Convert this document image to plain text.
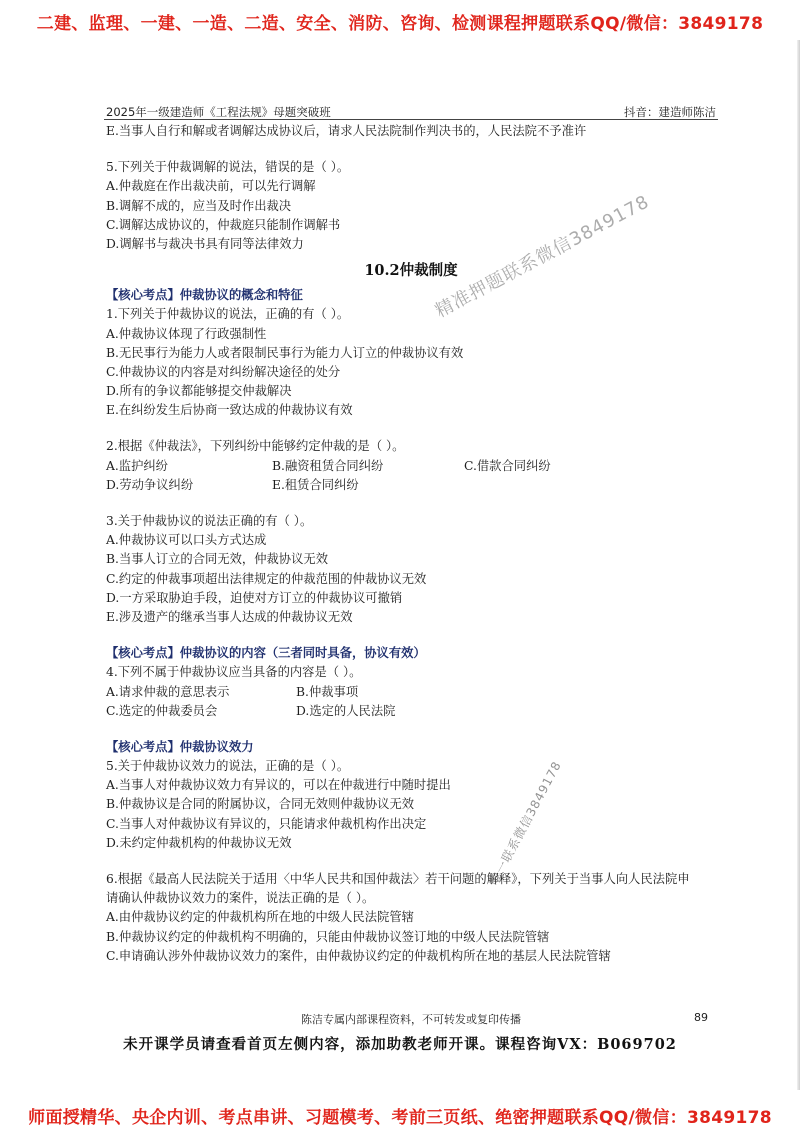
二建、监理、一建、一造、二造、安全、消防、咨询、检测课程押题联系QQ/微信：3849178
2025年一级建造师《工程法规》母题突破班	抖音：建造师陈洁
E.当事人自行和解或者调解达成协议后，请求人民法院制作判决书的，人民法院不予准许
5.下列关于仲裁调解的说法，错误的是（ ）。
A.仲裁庭在作出裁决前，可以先行调解
B.调解不成的，应当及时作出裁决
C.调解达成协议的，仲裁庭只能制作调解书
D.调解书与裁决书具有同等法律效力
10.2仲裁制度
【核心考点】仲裁协议的概念和特征
1.下列关于仲裁协议的说法，正确的有（ ）。
A.仲裁协议体现了行政强制性
B.无民事行为能力人或者限制民事行为能力人订立的仲裁协议有效
C.仲裁协议的内容是对纠纷解决途径的处分
D.所有的争议都能够提交仲裁解决
E.在纠纷发生后协商一致达成的仲裁协议有效
2.根据《仲裁法》，下列纠纷中能够约定仲裁的是（ ）。
A.监护纠纷	B.融资租赁合同纠纷	C.借款合同纠纷
D.劳动争议纠纷	E.租赁合同纠纷
3.关于仲裁协议的说法正确的有（ ）。
A.仲裁协议可以口头方式达成
B.当事人订立的合同无效，仲裁协议无效
C.约定的仲裁事项超出法律规定的仲裁范围的仲裁协议无效
D.一方采取胁迫手段，迫使对方订立的仲裁协议可撤销
E.涉及遗产的继承当事人达成的仲裁协议无效
【核心考点】仲裁协议的内容（三者同时具备，协议有效）
4.下列不属于仲裁协议应当具备的内容是（ ）。
A.请求仲裁的意思表示	B.仲裁事项
C.选定的仲裁委员会	D.选定的人民法院
【核心考点】仲裁协议效力
5.关于仲裁协议效力的说法，正确的是（ ）。
A.当事人对仲裁协议效力有异议的，可以在仲裁进行中随时提出
B.仲裁协议是合同的附属协议，合同无效则仲裁协议无效
C.当事人对仲裁协议有异议的，只能请求仲裁机构作出决定
D.未约定仲裁机构的仲裁协议无效
6.根据《最高人民法院关于适用〈中华人民共和国仲裁法〉若干问题的解释》，下列关于当事人向人民法院申
请确认仲裁协议效力的案件，说法正确的是（ ）。
A.由仲裁协议约定的仲裁机构所在地的中级人民法院管辖
B.仲裁协议约定的仲裁机构不明确的，只能由仲裁协议签订地的中级人民法院管辖
C.申请确认涉外仲裁协议效力的案件，由仲裁协议约定的仲裁机构所在地的基层人民法院管辖
陈洁专属内部课程资料，不可转发或复印传播	89
未开课学员请查看首页左侧内容，添加助教老师开课。课程咨询VX：B069702
精准押题联系微信3849178
唯一联系微信3849178
师面授精华、央企内训、考点串讲、习题模考、考前三页纸、绝密押题联系QQ/微信：3849178
